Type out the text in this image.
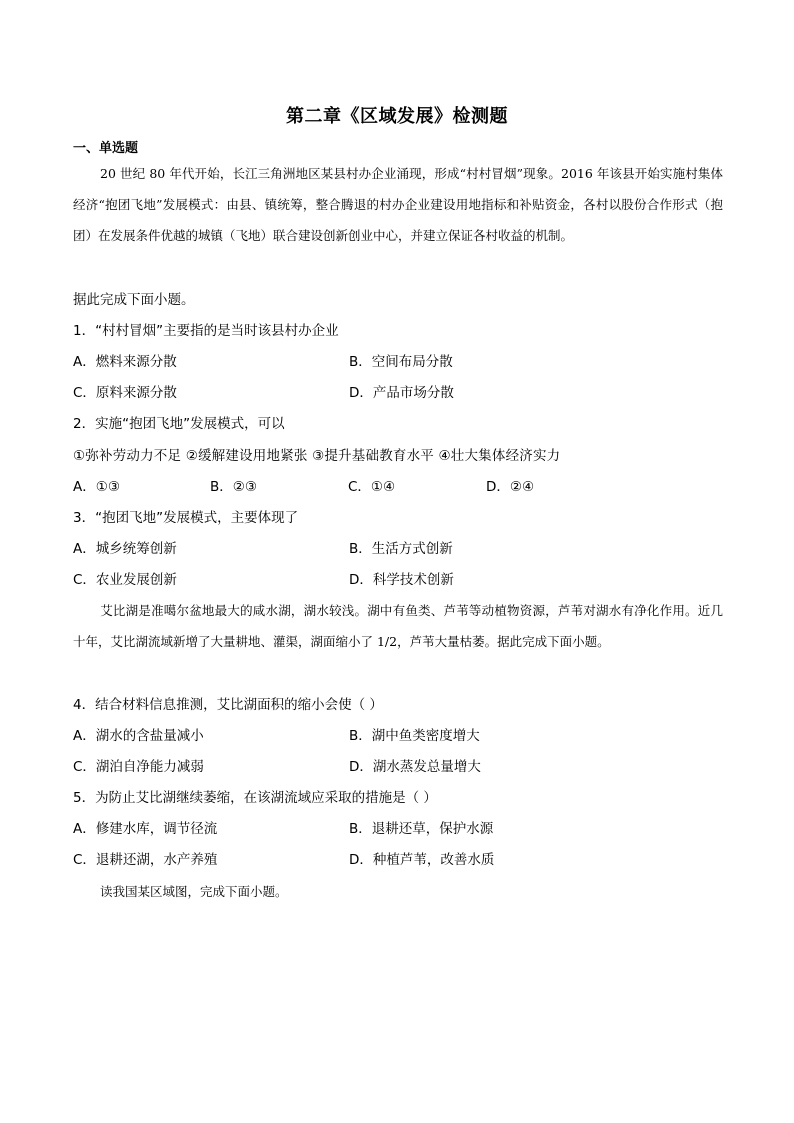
第二章《区域发展》检测题
一、单选题
20 世纪 80 年代开始，长江三角洲地区某县村办企业涌现，形成“村村冒烟”现象。2016 年该县开始实施村集体经济“抱团飞地”发展模式：由县、镇统筹，整合腾退的村办企业建设用地指标和补贴资金，各村以股份合作形式（抱团）在发展条件优越的城镇（飞地）联合建设创新创业中心，并建立保证各村收益的机制。
据此完成下面小题。
1．“村村冒烟”主要指的是当时该县村办企业
A．燃料来源分散	B．空间布局分散
C．原料来源分散	D．产品市场分散
2．实施“抱团飞地”发展模式，可以
①弥补劳动力不足 ②缓解建设用地紧张 ③提升基础教育水平 ④壮大集体经济实力
A．①③	B．②③	C．①④	D．②④
3．“抱团飞地”发展模式，主要体现了
A．城乡统筹创新	B．生活方式创新
C．农业发展创新	D．科学技术创新
艾比湖是准噶尔盆地最大的咸水湖，湖水较浅。湖中有鱼类、芦苇等动植物资源，芦苇对湖水有净化作用。近几十年，艾比湖流域新增了大量耕地、灌渠，湖面缩小了 1/2，芦苇大量枯萎。据此完成下面小题。
4．结合材料信息推测，艾比湖面积的缩小会使（ ）
A．湖水的含盐量减小	B．湖中鱼类密度增大
C．湖泊自净能力减弱	D．湖水蒸发总量增大
5．为防止艾比湖继续萎缩，在该湖流域应采取的措施是（ ）
A．修建水库，调节径流	B．退耕还草，保护水源
C．退耕还湖，水产养殖	D．种植芦苇，改善水质
读我国某区域图，完成下面小题。
